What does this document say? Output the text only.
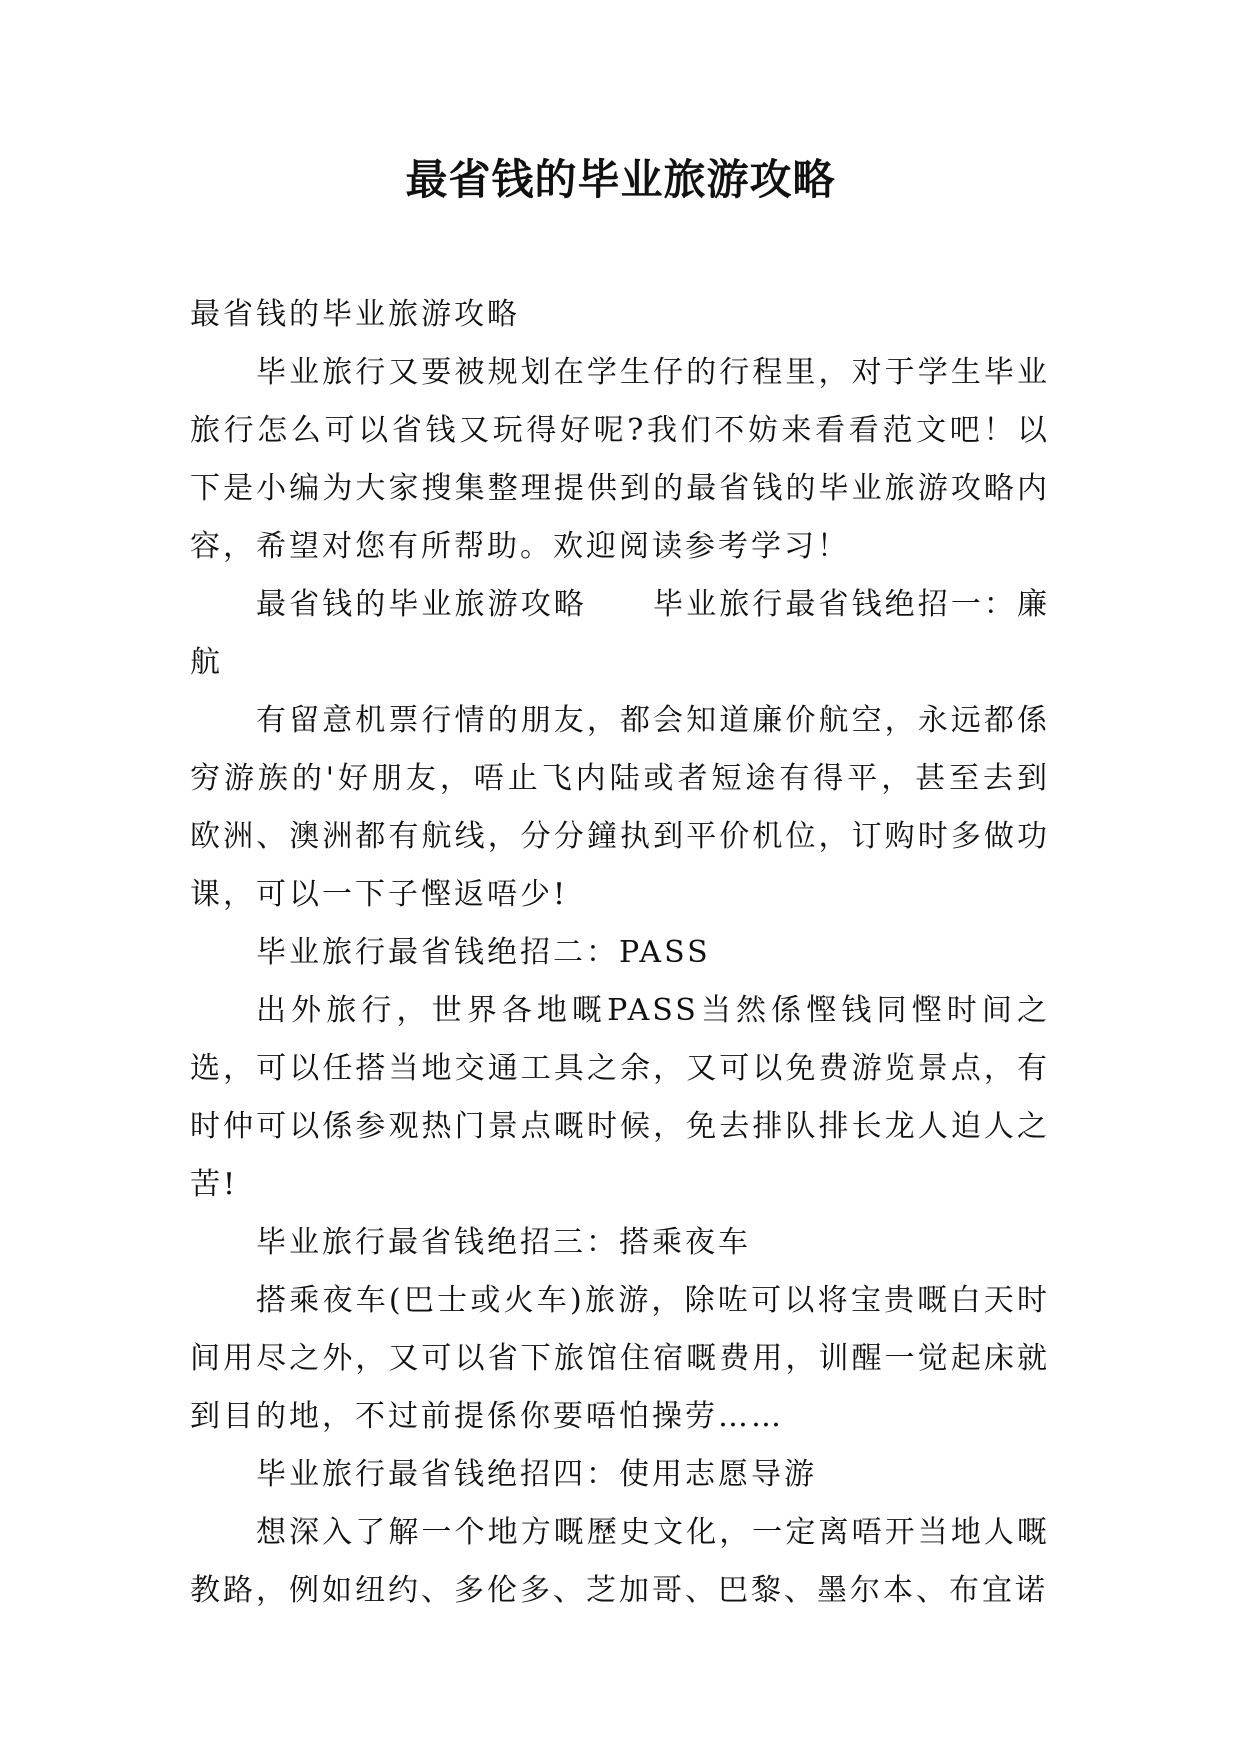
最省钱的毕业旅游攻略

最省钱的毕业旅游攻略

毕业旅行又要被规划在学生仔的行程里，对于学生毕业旅行怎么可以省钱又玩得好呢?我们不妨来看看范文吧！以下是小编为大家搜集整理提供到的最省钱的毕业旅游攻略内容，希望对您有所帮助。欢迎阅读参考学习！

最省钱的毕业旅游攻略　　毕业旅行最省钱绝招一：廉航

有留意机票行情的朋友，都会知道廉价航空，永远都係穷游族的'好朋友，唔止飞内陆或者短途有得平，甚至去到欧洲、澳洲都有航线，分分鐘执到平价机位，订购时多做功课，可以一下子慳返唔少!

毕业旅行最省钱绝招二：PASS

出外旅行，世界各地嘅PASS当然係慳钱同慳时间之选，可以任搭当地交通工具之余，又可以免费游览景点，有时仲可以係参观热门景点嘅时候，免去排队排长龙人迫人之苦!

毕业旅行最省钱绝招三：搭乘夜车

搭乘夜车(巴士或火车)旅游，除咗可以将宝贵嘅白天时间用尽之外，又可以省下旅馆住宿嘅费用，训醒一觉起床就到目的地，不过前提係你要唔怕操劳……

毕业旅行最省钱绝招四：使用志愿导游

想深入了解一个地方嘅歷史文化，一定离唔开当地人嘅教路，例如纽约、多伦多、芝加哥、巴黎、墨尔本、布宜诺
